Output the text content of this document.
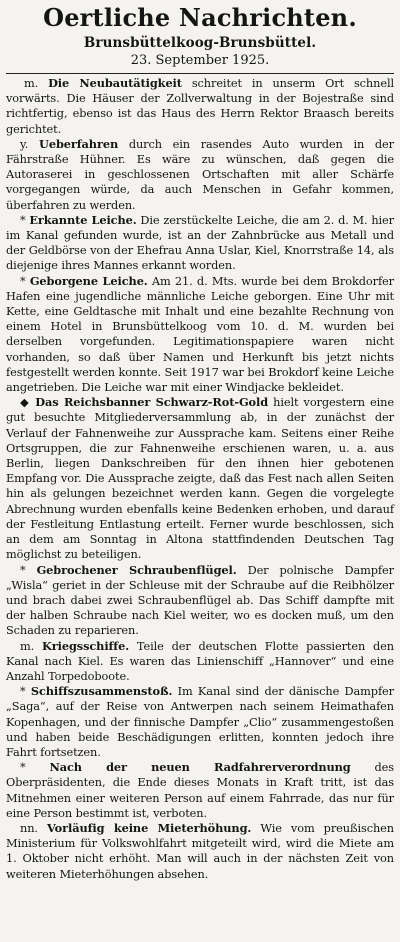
Oertliche Nachrichten.
Brunsbüttelkoog-Brunsbüttel.
23. September 1925.

m. Die Neubautätigkeit schreitet in unserm Ort schnell vorwärts. Die Häuser der Zollverwaltung in der Bojestraße sind richtfertig, ebenso ist das Haus des Herrn Rektor Braasch bereits gerichtet.

y. Ueberfahren durch ein rasendes Auto wurden in der Fährstraße Hühner. Es wäre zu wünschen, daß gegen die Autoraserei in geschlossenen Ortschaften mit aller Schärfe vorgegangen würde, da auch Menschen in Gefahr kommen, überfahren zu werden.

* Erkannte Leiche. Die zerstückelte Leiche, die am 2. d. M. hier im Kanal gefunden wurde, ist an der Zahnbrücke aus Metall und der Geldbörse von der Ehefrau Anna Uslar, Kiel, Knorrstraße 14, als diejenige ihres Mannes erkannt worden.

* Geborgene Leiche. Am 21. d. Mts. wurde bei dem Brokdorfer Hafen eine jugendliche männliche Leiche geborgen. Eine Uhr mit Kette, eine Geldtasche mit Inhalt und eine bezahlte Rechnung von einem Hotel in Brunsbüttelkoog vom 10. d. M. wurden bei derselben vorgefunden. Legitimationspapiere waren nicht vorhanden, so daß über Namen und Herkunft bis jetzt nichts festgestellt werden konnte. Seit 1917 war bei Brokdorf keine Leiche angetrieben. Die Leiche war mit einer Windjacke bekleidet.

◆ Das Reichsbanner Schwarz-Rot-Gold hielt vorgestern eine gut besuchte Mitgliederversammlung ab, in der zunächst der Verlauf der Fahnenweihe zur Aussprache kam. Seitens einer Reihe Ortsgruppen, die zur Fahnenweihe erschienen waren, u. a. aus Berlin, liegen Dankschreiben für den ihnen hier gebotenen Empfang vor. Die Aussprache zeigte, daß das Fest nach allen Seiten hin als gelungen bezeichnet werden kann. Gegen die vorgelegte Abrechnung wurden ebenfalls keine Bedenken erhoben, und darauf der Festleitung Entlastung erteilt. Ferner wurde beschlossen, sich an dem am Sonntag in Altona stattfindenden Deutschen Tag möglichst zu beteiligen.

* Gebrochener Schraubenflügel. Der polnische Dampfer „Wisla“ geriet in der Schleuse mit der Schraube auf die Reibhölzer und brach dabei zwei Schraubenflügel ab. Das Schiff dampfte mit der halben Schraube nach Kiel weiter, wo es docken muß, um den Schaden zu reparieren.

m. Kriegsschiffe. Teile der deutschen Flotte passierten den Kanal nach Kiel. Es waren das Linienschiff „Hannover“ und eine Anzahl Torpedoboote.

* Schiffszusammenstoß. Im Kanal sind der dänische Dampfer „Saga“, auf der Reise von Antwerpen nach seinem Heimathafen Kopenhagen, und der finnische Dampfer „Clio“ zusammengestoßen und haben beide Beschädigungen erlitten, konnten jedoch ihre Fahrt fortsetzen.

* Nach der neuen Radfahrerverordnung des Oberpräsidenten, die Ende dieses Monats in Kraft tritt, ist das Mitnehmen einer weiteren Person auf einem Fahrrade, das nur für eine Person bestimmt ist, verboten.

nn. Vorläufig keine Mieterhöhung. Wie vom preußischen Ministerium für Volkswohlfahrt mitgeteilt wird, wird die Miete am 1. Oktober nicht erhöht. Man will auch in der nächsten Zeit von weiteren Mieterhöhungen absehen.
